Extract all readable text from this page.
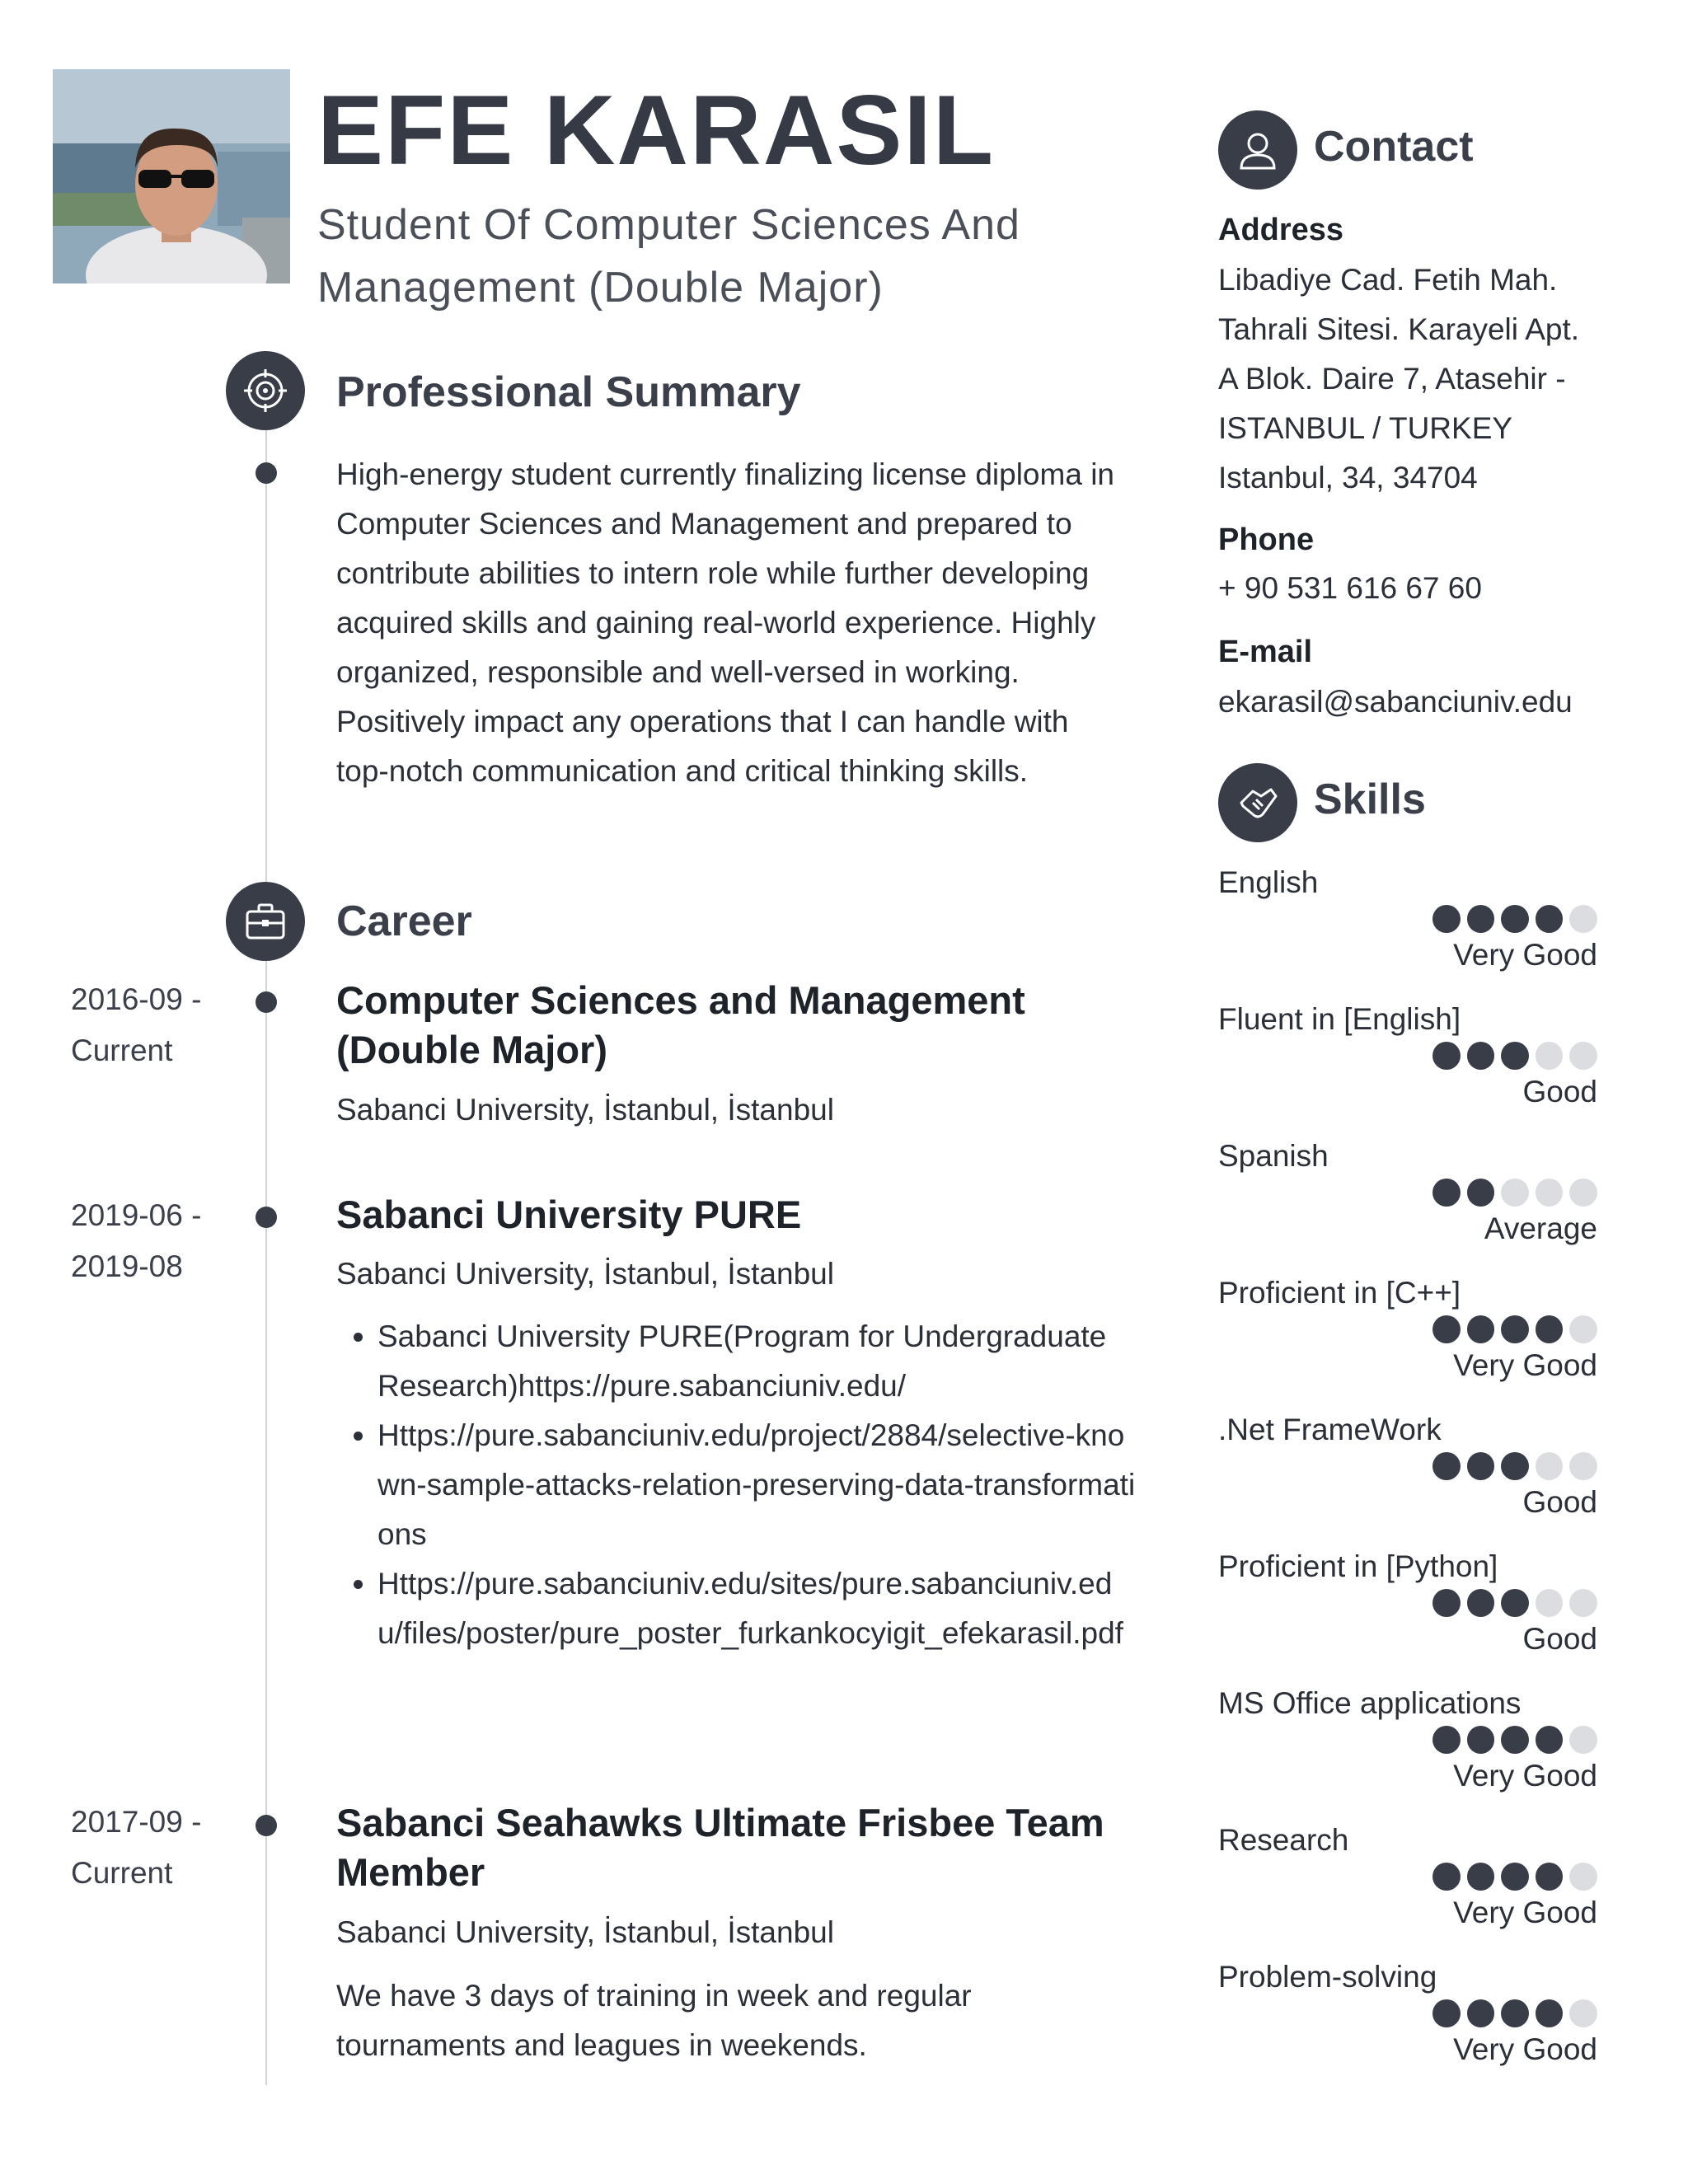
EFE KARASIL
Student Of Computer Sciences And Management (Double Major)
Professional Summary
High-energy student currently finalizing license diploma in Computer Sciences and Management and prepared to contribute abilities to intern role while further developing acquired skills and gaining real-world experience. Highly organized, responsible and well-versed in working. Positively impact any operations that I can handle with top-notch communication and critical thinking skills.
Career
2016-09 -
Current
Computer Sciences and Management (Double Major)
Sabanci University, İstanbul, İstanbul
2019-06 -
2019-08
Sabanci University PURE
Sabanci University, İstanbul, İstanbul
• Sabanci University PURE(Program for Undergraduate Research)https://pure.sabanciuniv.edu/
• Https://pure.sabanciuniv.edu/project/2884/selective-known-sample-attacks-relation-preserving-data-transformations
• Https://pure.sabanciuniv.edu/sites/pure.sabanciuniv.edu/files/poster/pure_poster_furkankocyigit_efekarasil.pdf
2017-09 -
Current
Sabanci Seahawks Ultimate Frisbee Team Member
Sabanci University, İstanbul, İstanbul
We have 3 days of training in week and regular tournaments and leagues in weekends.
Contact
Address
Libadiye Cad. Fetih Mah.
Tahrali Sitesi. Karayeli Apt.
A Blok. Daire 7, Atasehir -
ISTANBUL / TURKEY
Istanbul, 34, 34704
Phone
+ 90 531 616 67 60
E-mail
ekarasil@sabanciuniv.edu
Skills
English
Very Good
Fluent in [English]
Good
Spanish
Average
Proficient in [C++]
Very Good
.Net FrameWork
Good
Proficient in [Python]
Good
MS Office applications
Very Good
Research
Very Good
Problem-solving
Very Good
